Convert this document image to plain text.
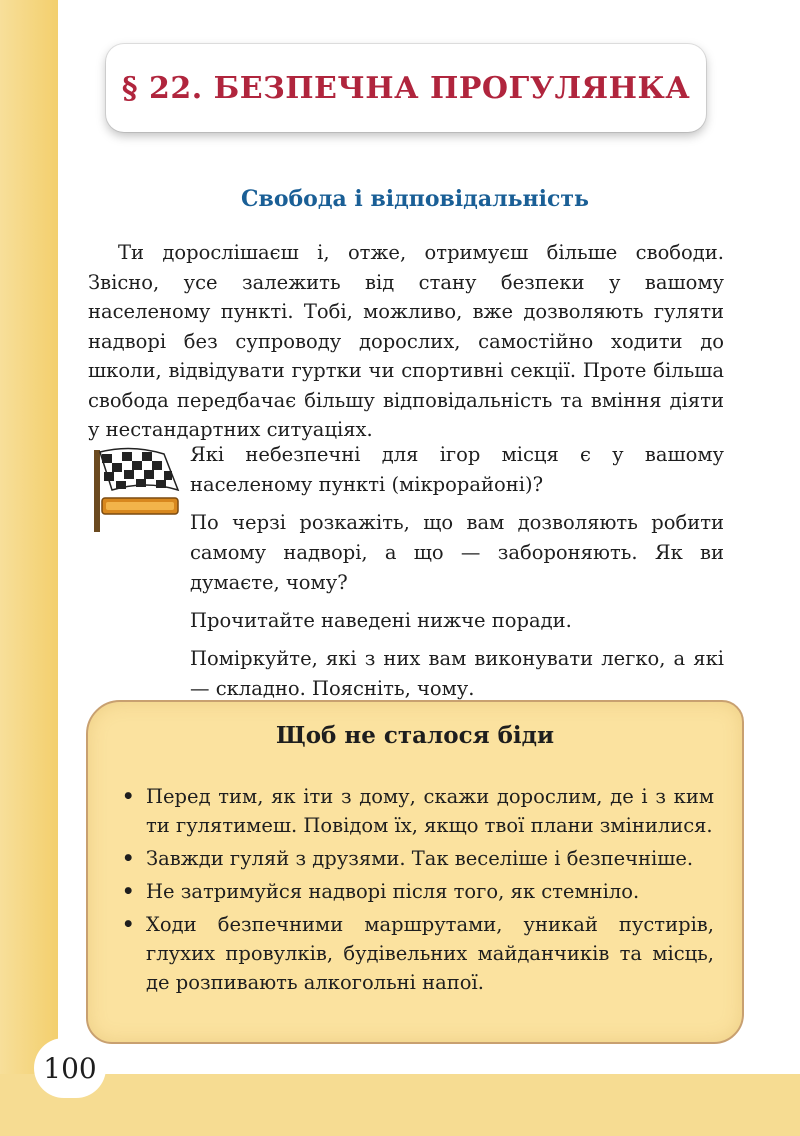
§ 22. БЕЗПЕЧНА ПРОГУЛЯНКА
Свобода і відповідальність

Ти дорослішаєш і, отже, отримуєш більше свободи. Звісно, усе залежить від стану безпеки у вашому населеному пункті. Тобі, можливо, вже дозволяють гуляти надворі без супроводу дорослих, самостійно ходити до школи, відвідувати гуртки чи спортивні секції. Проте більша свобода передбачає більшу відповідальність та вміння діяти у нестандартних ситуаціях.

Які небезпечні для ігор місця є у вашому населеному пункті (мікрорайоні)?

По черзі розкажіть, що вам дозволяють робити самому надворі, а що — забороняють. Як ви думаєте, чому?

Прочитайте наведені нижче поради.

Поміркуйте, які з них вам виконувати легко, а які — складно. Поясніть, чому.

Щоб не сталося біди
• Перед тим, як іти з дому, скажи дорослим, де і з ким ти гулятимеш. Повідом їх, якщо твої плани змінилися.
• Завжди гуляй з друзями. Так веселіше і безпечніше.
• Не затримуйся надворі після того, як стемніло.
• Ходи безпечними маршрутами, уникай пустирів, глухих провулків, будівельних майданчиків та місць, де розпивають алкогольні напої.
100
